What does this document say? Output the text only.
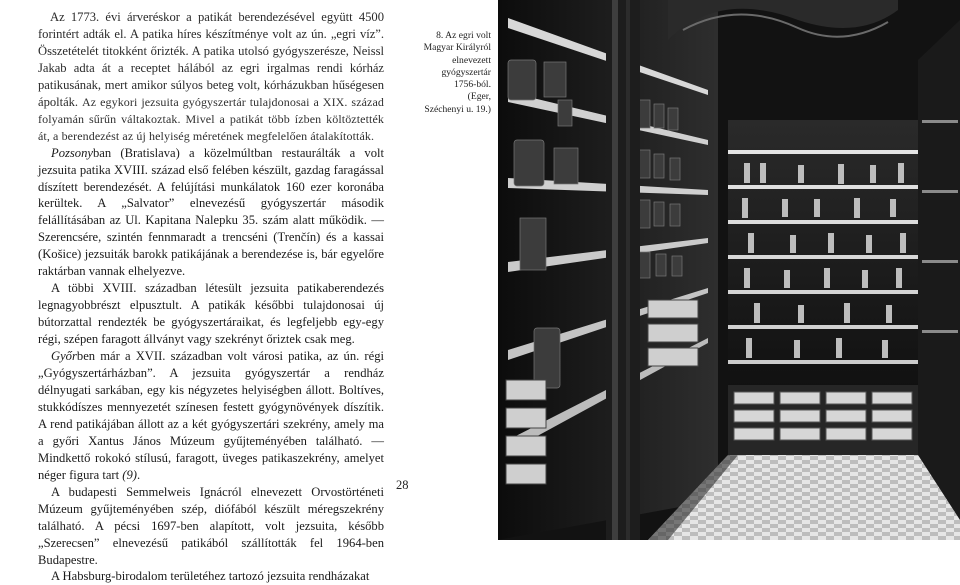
Az 1773. évi árveréskor a patikát berendezésével együtt 4500 forintért adták el. A patika híres készítménye volt az ún. „egri víz”. Összetételét titokként őrizték. A patika utolsó gyógyszerésze, Neissl Jakab adta át a receptet hálából az egri irgalmas rendi kórház patikusának, mert amikor súlyos beteg volt, kórházukban hűségesen ápolták. Az egykori jezsuita gyógyszertár tulajdonosai a XIX. század folyamán sűrűn váltakoztak. Mivel a patikát több ízben költöztették át, a berendezést az új helyiség méretének megfelelően átalakították.

Pozsonyban (Bratislava) a közelmúltban restaurálták a volt jezsuita patika XVIII. század első felében készült, gazdag faragással díszített berendezését. A felújítási munkálatok 160 ezer koronába kerültek. A „Salvator” elnevezésű gyógyszertár második felállításában az Ul. Kapitana Nalepku 35. szám alatt működik. — Szerencsére, szintén fennmaradt a trencséni (Trenčín) és a kassai (Košice) jezsuiták barokk patikájának a berendezése is, bár egyelőre raktárban vannak elhelyezve.

A többi XVIII. században létesült jezsuita patikaberendezés legnagyobbrészt elpusztult. A patikák későbbi tulajdonosai új bútorzattal rendezték be gyógyszertáraikat, és legfeljebb egy-egy régi, szépen faragott állványt vagy szekrényt őriztek csak meg.

Győrben már a XVII. században volt városi patika, az ún. régi „Gyógyszertárházban”. A jezsuita gyógyszertár a rendház délnyugati sarkában, egy kis négyzetes helyiségben állott. Boltíves, stukkódíszes mennyezetét színesen festett gyógynövények díszítik. A rend patikájában állott az a két gyógyszertári szekrény, amely ma a győri Xantus János Múzeum gyűjteményében található. — Mindkettő rokokó stílusú, faragott, üveges patikaszekrény, amelyet néger figura tart (9).

A budapesti Semmelweis Ignácról elnevezett Orvostörténeti Múzeum gyűjteményében szép, diófából készült méregszekrény található. A pécsi 1697-ben alapított, volt jezsuita, később „Szerecsen” elnevezésű patikából szállították fel 1964-ben Budapestre.

A Habsburg-birodalom területéhez tartozó jezsuita rendházakat

8. Az egri volt
Magyar Királyról
elnevezett
gyógyszertár
1756-ból.
(Eger,
Széchenyi u. 19.)
28
